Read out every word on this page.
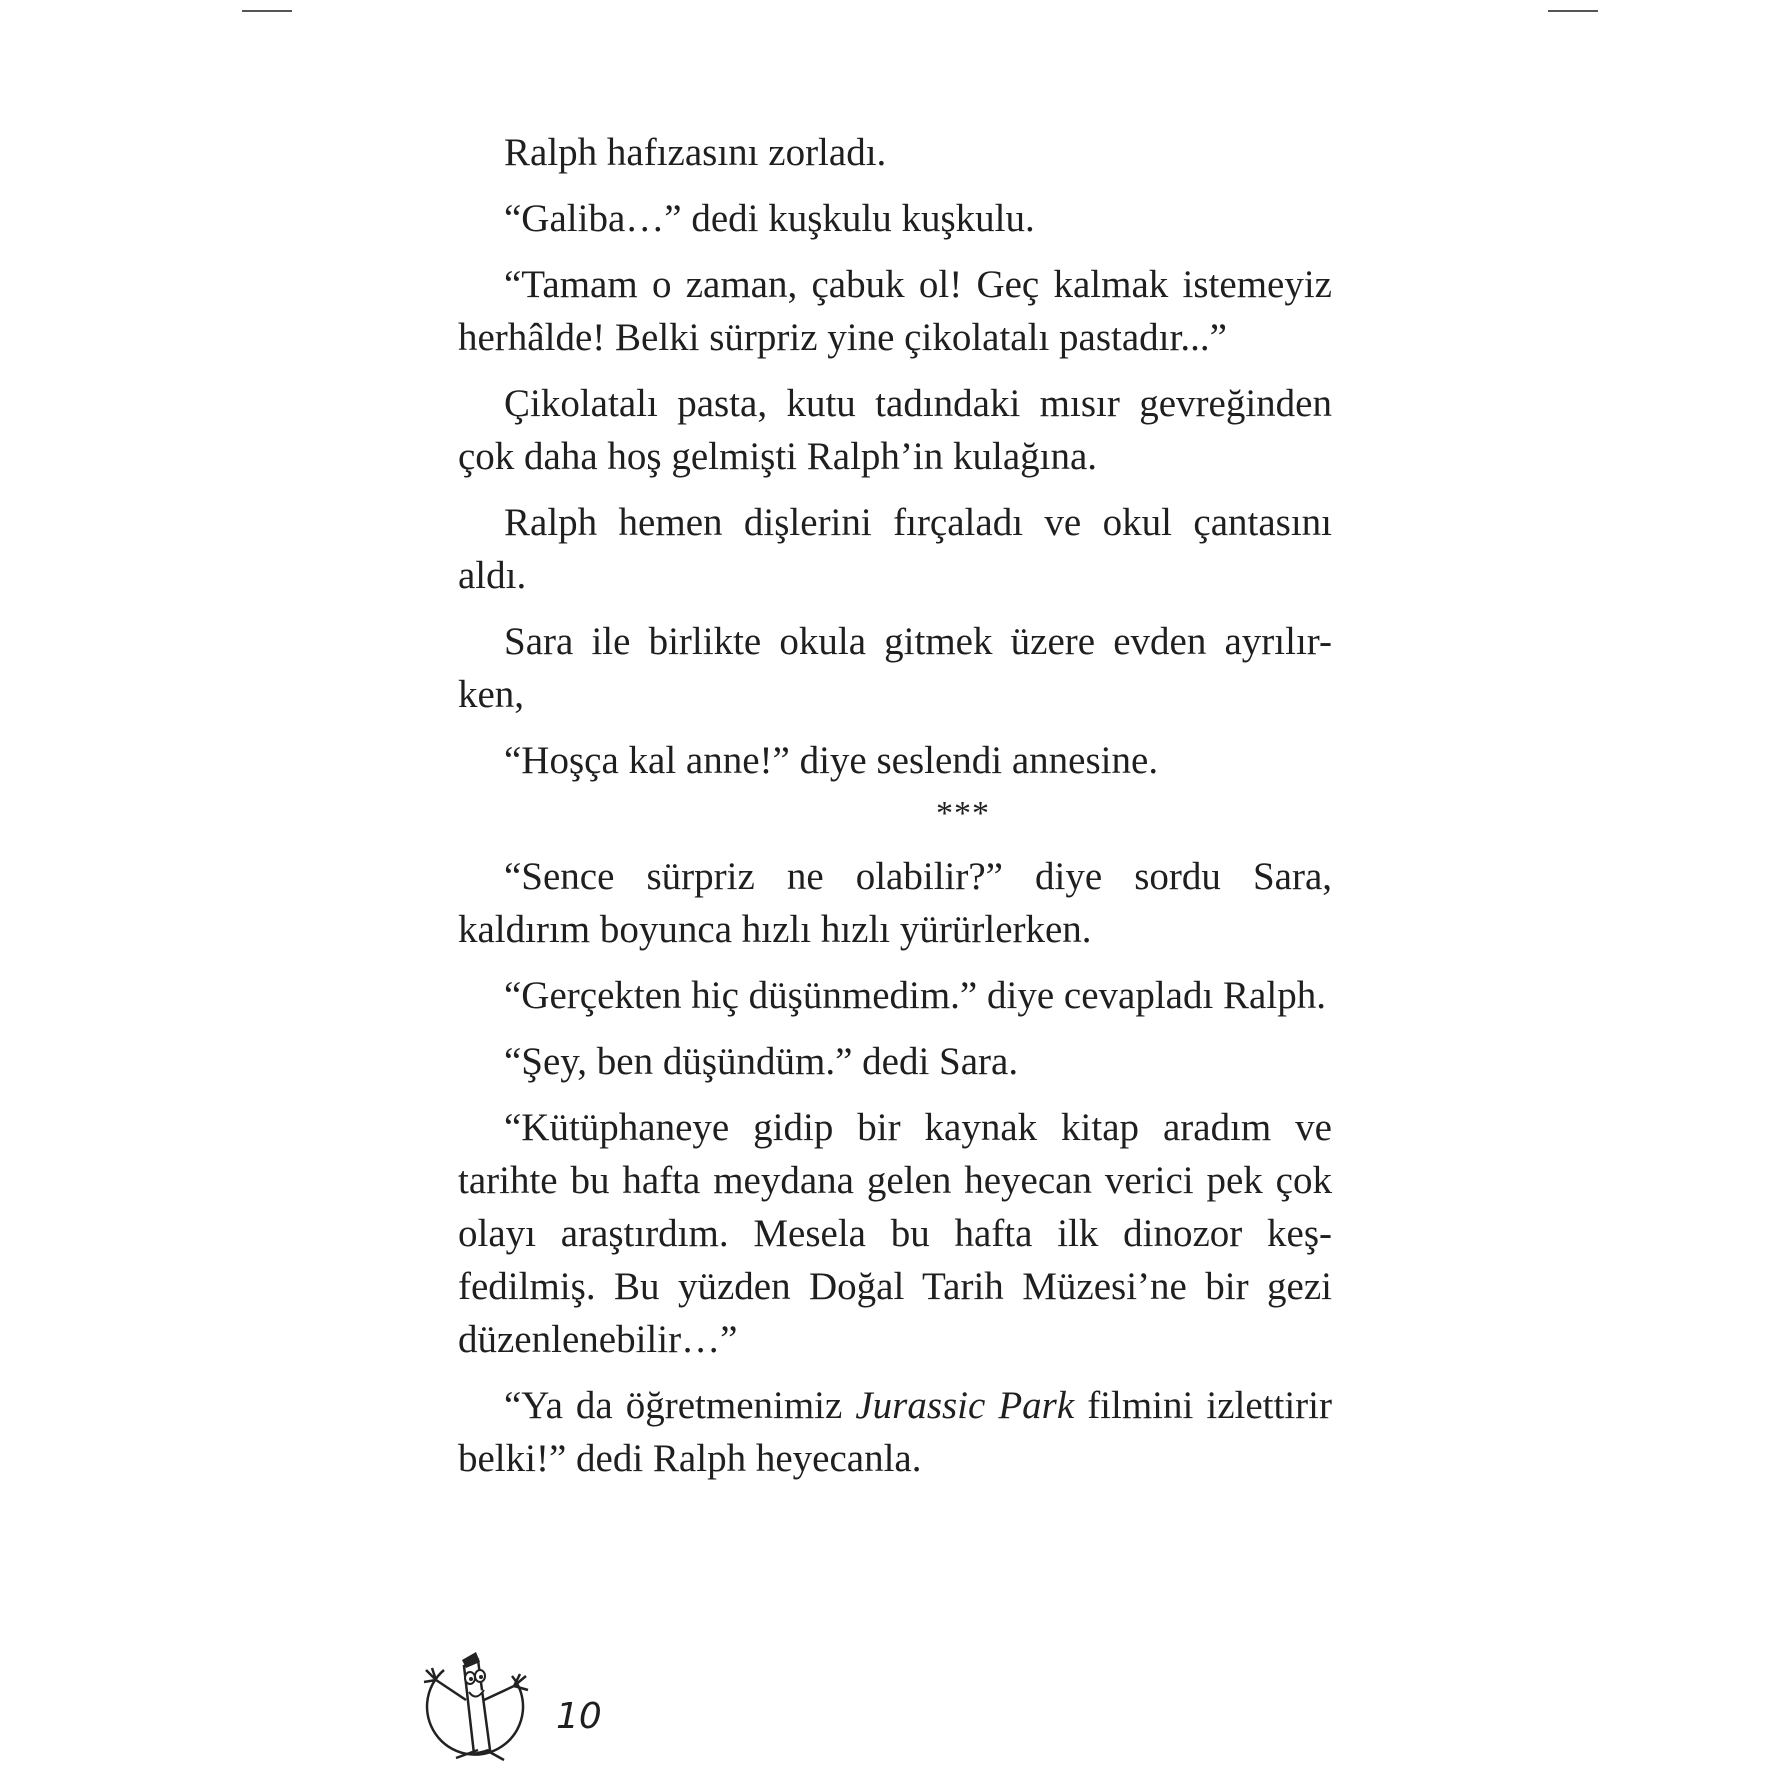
Ralph hafızasını zorladı.

“Galiba…” dedi kuşkulu kuşkulu.

“Tamam o zaman, çabuk ol! Geç kalmak istemeyiz herhâlde! Belki sürpriz yine çikolatalı pastadır...”

Çikolatalı pasta, kutu tadındaki mısır gevreğinden çok daha hoş gelmişti Ralph’in kulağına.

Ralph hemen dişlerini fırçaladı ve okul çantasını aldı.

Sara ile birlikte okula gitmek üzere evden ayrılır-ken,

“Hoşça kal anne!” diye seslendi annesine.

***

“Sence sürpriz ne olabilir?” diye sordu Sara, kaldırım boyunca hızlı hızlı yürürlerken.

“Gerçekten hiç düşünmedim.” diye cevapladı Ralph.

“Şey, ben düşündüm.” dedi Sara.

“Kütüphaneye gidip bir kaynak kitap aradım ve tarihte bu hafta meydana gelen heyecan verici pek çok olayı araştırdım. Mesela bu hafta ilk dinozor keş-fedilmiş. Bu yüzden Doğal Tarih Müzesi’ne bir gezi düzenlenebilir…”

“Ya da öğretmenimiz Jurassic Park filmini izlettirir belki!” dedi Ralph heyecanla.

10
